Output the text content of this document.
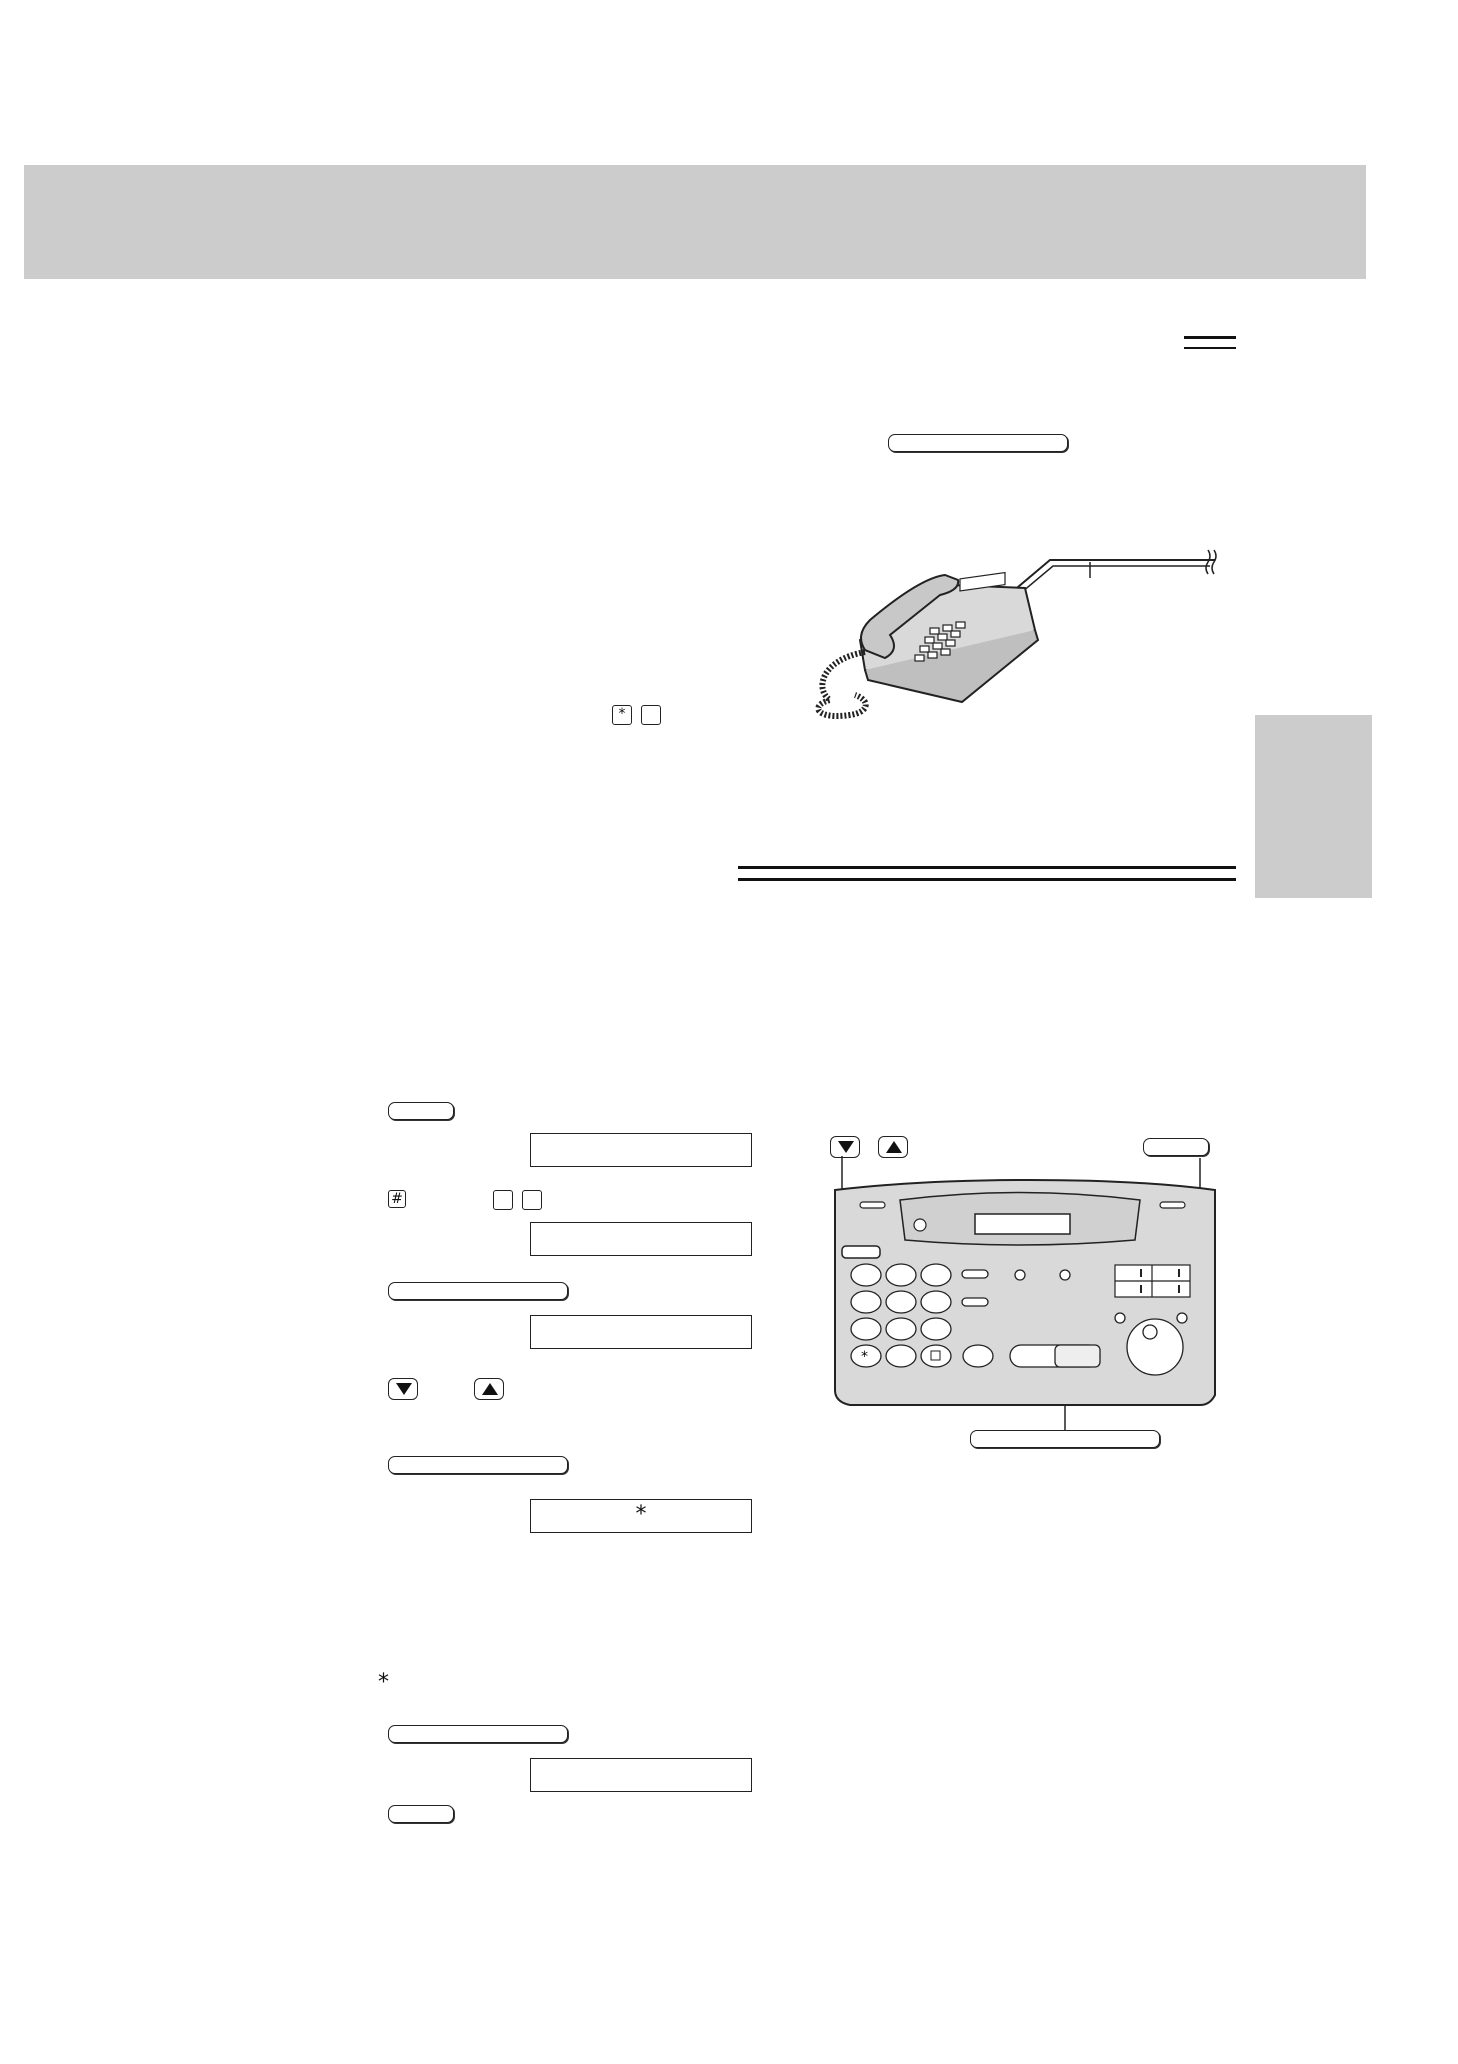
*
#
*
*
*
